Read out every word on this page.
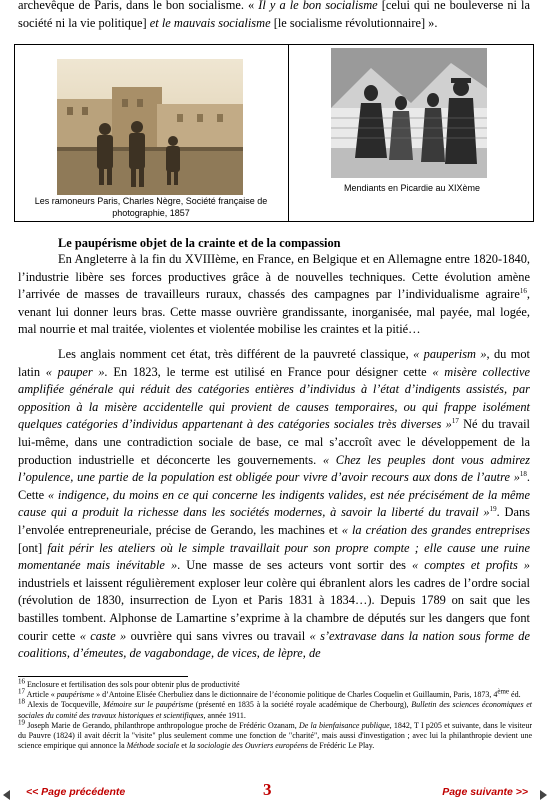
archevêque de Paris, dans le bon socialisme. « Il y a le bon socialisme [celui qui ne bouleverse ni la société ni la vie politique] et le mauvais socialisme [le socialisme révolutionnaire] ».
Les ramoneurs Paris, Charles Nègre, Société française de photographie, 1857
Mendiants en Picardie au XIXème
Le paupérisme objet de la crainte et de la compassion
En Angleterre à la fin du XVIIIème, en France, en Belgique et en Allemagne entre 1820-1840, l’industrie libère ses forces productives grâce à de nouvelles techniques. Cette évolution amène l’arrivée de masses de travailleurs ruraux, chassés des campagnes par l’individualisme agraire$^{16}$, venant lui donner leurs bras. Cette masse ouvrière grandissante, inorganisée, mal payée, mal logée, mal nourrie et mal traitée, violentes et violentée mobilise les craintes et la pitié…
Les anglais nomment cet état, très différent de la pauvreté classique, « pauperism », du mot latin « pauper ». En 1823, le terme est utilisé en France pour désigner cette « misère collective amplifiée générale qui réduit des catégories entières d’individus à l’état d’indigents assistés, par opposition à la misère accidentelle qui provient de causes temporaires, ou qui frappe isolément quelques catégories d’individus appartenant à des catégories sociales très diverses »$^{17}$ Né du travail lui-même, dans une contradiction sociale de base, ce mal s’accroît avec le développement de la production industrielle et déconcerte les gouvernements. « Chez les peuples dont vous admirez l’opulence, une partie de la population est obligée pour vivre d’avoir recours aux dons de l’autre »$^{18}$. Cette « indigence, du moins en ce qui concerne les indigents valides, est née précisément de la même cause qui a produit la richesse dans les sociétés modernes, à savoir la liberté du travail »$^{19}$. Dans l’envolée entrepreneuriale, précise de Gerando, les machines et « la création des grandes entreprises [ont] fait périr les ateliers où le simple travaillait pour son propre compte ; elle cause une ruine momentanée mais inévitable ». Une masse de ses acteurs vont sortir des « comptes et profits » industriels et laissent régulièrement exploser leur colère qui ébranlent alors les cadres de l’ordre social (révolution de 1830, insurrection de Lyon et Paris 1831 à 1834…). Depuis 1789 on sait que les bastilles tombent. Alphonse de Lamartine s’exprime à la chambre de députés sur les dangers que font courir cette « caste » ouvrière qui sans vivres ou travail « s’extravase dans la nation sous forme de coalitions, d’émeutes, de vagabondage, de vices, de lèpre, de

$^{16}$ Enclosure et fertilisation des sols pour obtenir plus de productivité

$^{17}$ Article « paupérisme » d’Antoine Elisée Cherbuliez dans le dictionnaire de l’économie politique de Charles Coquelin et Guillaumin, Paris, 1873, 4ème éd.

$^{18}$ Alexis de Tocqueville, Mémoire sur le paupérisme (présenté en 1835 à la société royale académique de Cherbourg), Bulletin des sciences économiques et sociales du comité des travaux historiques et scientifiques, année 1911.

$^{19}$ Joseph Marie de Gerando, philanthrope anthropologue proche de Frédéric Ozanam, De la bienfaisance publique, 1842, T I p205 et suivante, dans le visiteur du Pauvre (1824) il avait décrit la "visite" plus seulement comme une fonction de "charité", mais aussi d'investigation ; avec lui la philanthropie devient une science empirique qui annonce la Méthode sociale et la sociologie des Ouvriers européens de Frédéric Le Play.

<< Page précédente	3	Page suivante >>
